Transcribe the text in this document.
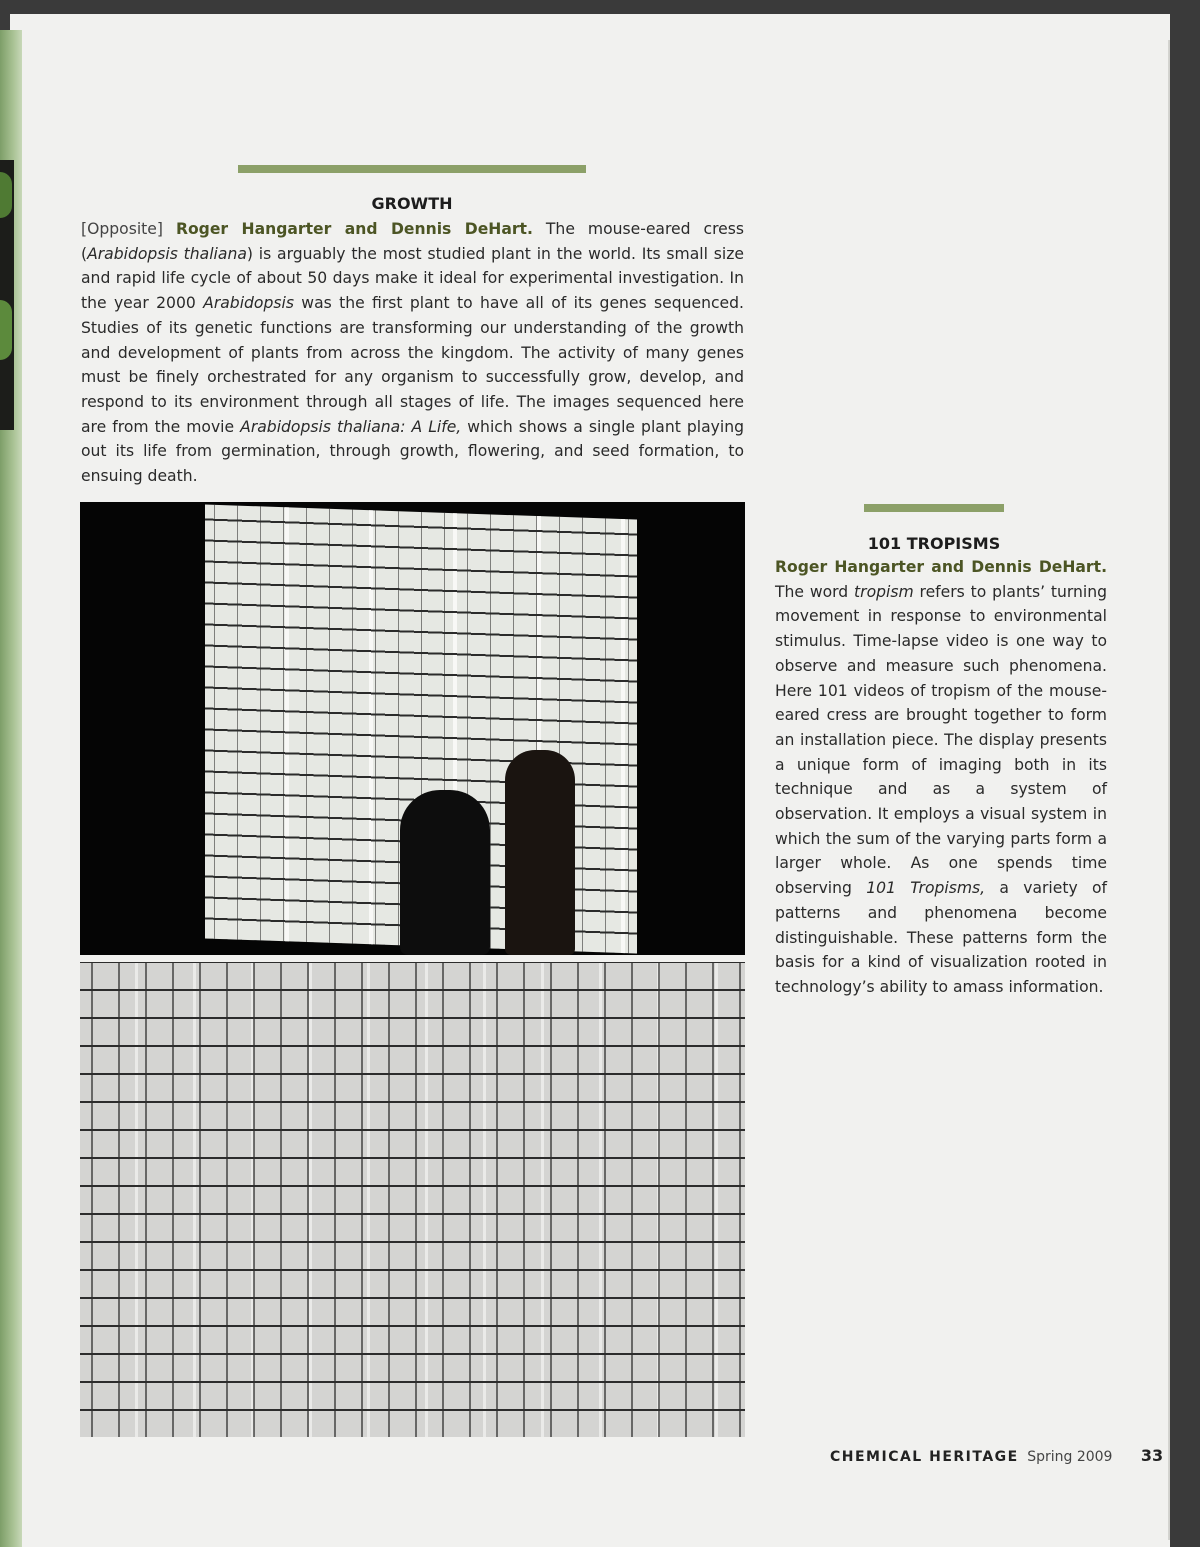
GROWTH

[Opposite] Roger Hangarter and Dennis DeHart. The mouse-eared cress (Arabidopsis thaliana) is arguably the most studied plant in the world. Its small size and rapid life cycle of about 50 days make it ideal for experimental investigation. In the year 2000 Arabidopsis was the first plant to have all of its genes sequenced. Studies of its genetic functions are transforming our understanding of the growth and development of plants from across the kingdom. The activity of many genes must be finely orchestrated for any organism to successfully grow, develop, and respond to its environment through all stages of life. The images sequenced here are from the movie Arabidopsis thaliana: A Life, which shows a single plant playing out its life from germination, through growth, flowering, and seed formation, to ensuing death.

101 TROPISMS

Roger Hangarter and Dennis DeHart. The word tropism refers to plants’ turning movement in response to environmental stimulus. Time-lapse video is one way to observe and measure such phenomena. Here 101 videos of tropism of the mouse-eared cress are brought together to form an installation piece. The display presents a unique form of imaging both in its technique and as a system of observation. It employs a visual system in which the sum of the varying parts form a larger whole. As one spends time observing 101 Tropisms, a variety of patterns and phenomena become distinguishable. These patterns form the basis for a kind of visualization rooted in technology’s ability to amass information.

CHEMICAL HERITAGE Spring 2009 33
